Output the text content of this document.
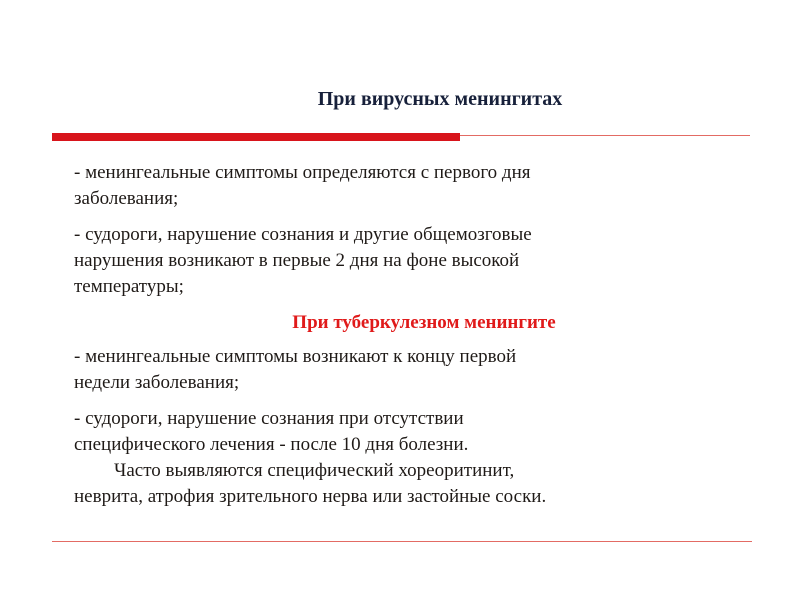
При вирусных менингитах

- менингеальные симптомы определяются с первого дня
заболевания;

- судороги, нарушение сознания и другие общемозговые
нарушения возникают в первые 2 дня на фоне высокой
температуры;

При туберкулезном менингите

- менингеальные симптомы возникают к концу первой
недели заболевания;

- судороги, нарушение сознания при отсутствии
специфического лечения - после 10 дня болезни.
Часто выявляются специфический хореоритинит,
неврита, атрофия зрительного нерва или застойные соски.
